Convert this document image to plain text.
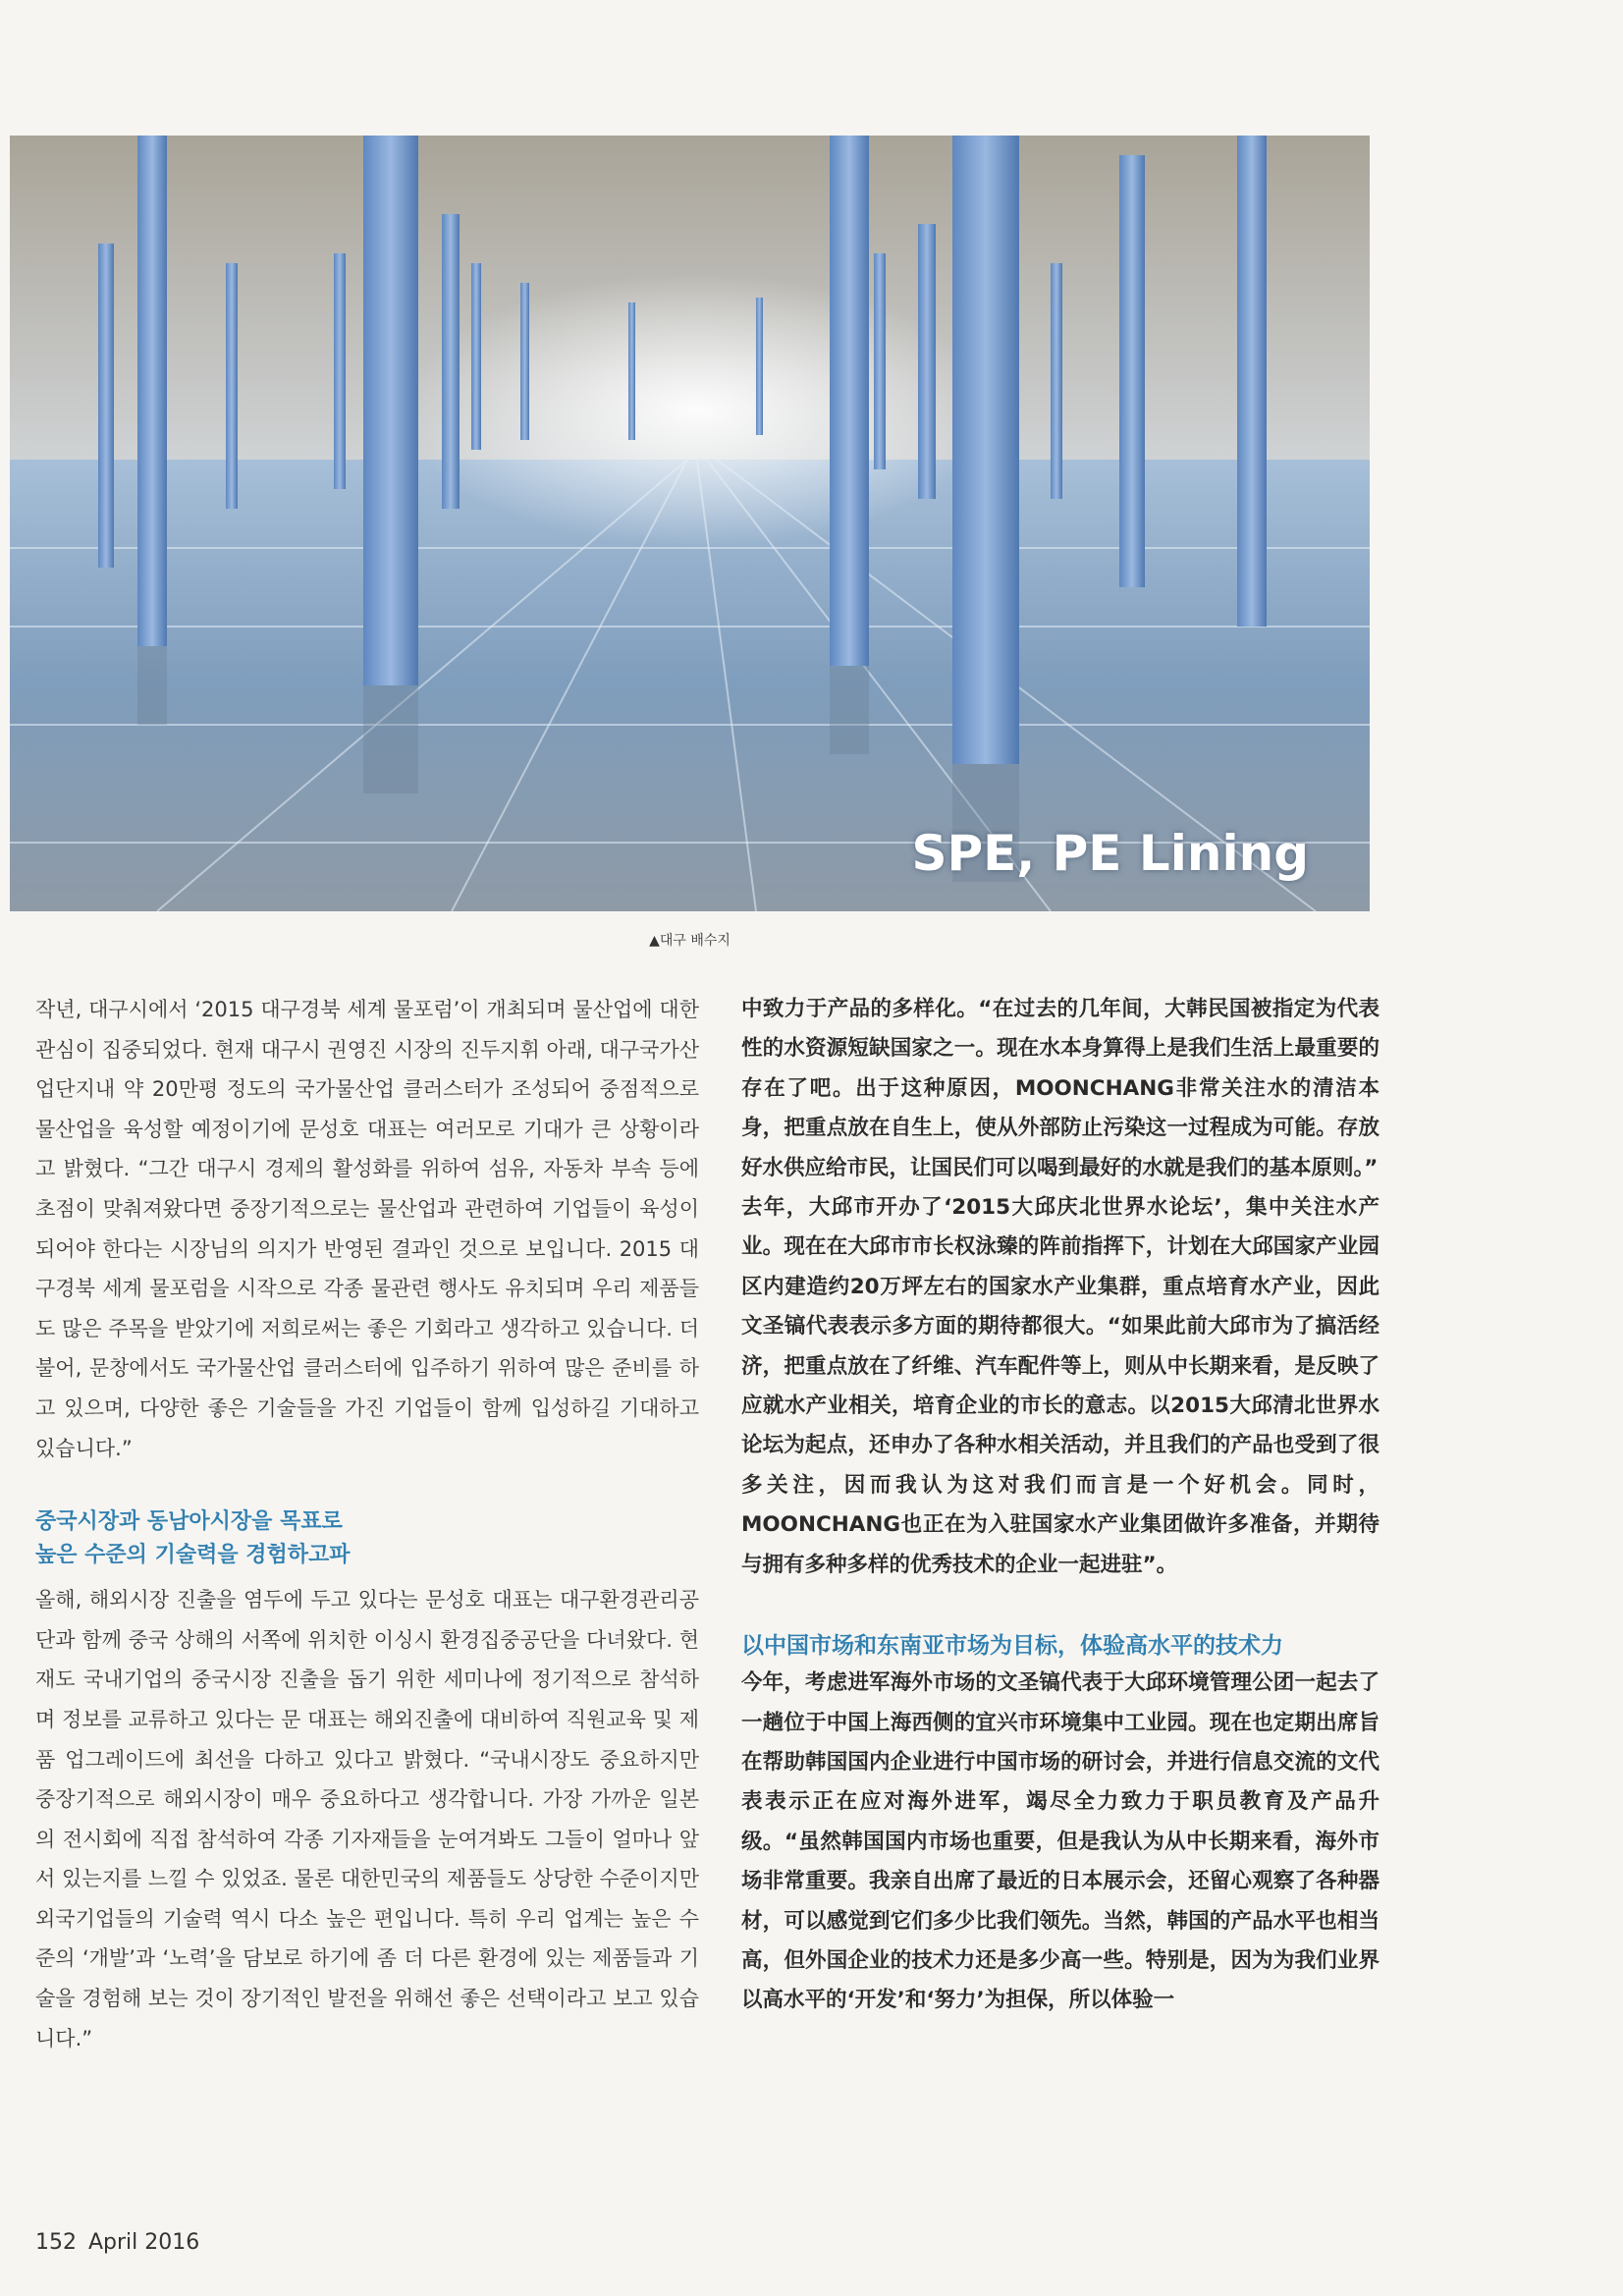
SPE, PE Lining
▲대구 배수지

작년, 대구시에서 ‘2015 대구경북 세계 물포럼’이 개최되며 물산업에 대한 관심이 집중되었다. 현재 대구시 권영진 시장의 진두지휘 아래, 대구국가산업단지내 약 20만평 정도의 국가물산업 클러스터가 조성되어 중점적으로 물산업을 육성할 예정이기에 문성호 대표는 여러모로 기대가 큰 상황이라고 밝혔다. “그간 대구시 경제의 활성화를 위하여 섬유, 자동차 부속 등에 초점이 맞춰져왔다면 중장기적으로는 물산업과 관련하여 기업들이 육성이 되어야 한다는 시장님의 의지가 반영된 결과인 것으로 보입니다. 2015 대구경북 세계 물포럼을 시작으로 각종 물관련 행사도 유치되며 우리 제품들도 많은 주목을 받았기에 저희로써는 좋은 기회라고 생각하고 있습니다. 더불어, 문창에서도 국가물산업 클러스터에 입주하기 위하여 많은 준비를 하고 있으며, 다양한 좋은 기술들을 가진 기업들이 함께 입성하길 기대하고 있습니다.”

중국시장과 동남아시장을 목표로
높은 수준의 기술력을 경험하고파

올해, 해외시장 진출을 염두에 두고 있다는 문성호 대표는 대구환경관리공단과 함께 중국 상해의 서쪽에 위치한 이싱시 환경집중공단을 다녀왔다. 현재도 국내기업의 중국시장 진출을 돕기 위한 세미나에 정기적으로 참석하며 정보를 교류하고 있다는 문 대표는 해외진출에 대비하여 직원교육 및 제품 업그레이드에 최선을 다하고 있다고 밝혔다. “국내시장도 중요하지만 중장기적으로 해외시장이 매우 중요하다고 생각합니다. 가장 가까운 일본의 전시회에 직접 참석하여 각종 기자재들을 눈여겨봐도 그들이 얼마나 앞서 있는지를 느낄 수 있었죠. 물론 대한민국의 제품들도 상당한 수준이지만 외국기업들의 기술력 역시 다소 높은 편입니다. 특히 우리 업계는 높은 수준의 ‘개발’과 ‘노력’을 담보로 하기에 좀 더 다른 환경에 있는 제품들과 기술을 경험해 보는 것이 장기적인 발전을 위해선 좋은 선택이라고 보고 있습니다.”

中致力于产品的多样化。“在过去的几年间，大韩民国被指定为代表性的水资源短缺国家之一。现在水本身算得上是我们生活上最重要的存在了吧。出于这种原因，MOONCHANG非常关注水的清洁本身，把重点放在自生上，使从外部防止污染这一过程成为可能。存放好水供应给市民，让国民们可以喝到最好的水就是我们的基本原则。”

去年，大邱市开办了‘2015大邱庆北世界水论坛’，集中关注水产业。现在在大邱市市长权泳臻的阵前指挥下，计划在大邱国家产业园区内建造约20万坪左右的国家水产业集群，重点培育水产业，因此文圣镐代表表示多方面的期待都很大。“如果此前大邱市为了搞活经济，把重点放在了纤维、汽车配件等上，则从中长期来看，是反映了应就水产业相关，培育企业的市长的意志。以2015大邱清北世界水论坛为起点，还申办了各种水相关活动，并且我们的产品也受到了很多关注，因而我认为这对我们而言是一个好机会。同时，MOONCHANG也正在为入驻国家水产业集团做许多准备，并期待与拥有多种多样的优秀技术的企业一起进驻”。

以中国市场和东南亚市场为目标，体验高水平的技术力

今年，考虑进军海外市场的文圣镐代表于大邱环境管理公团一起去了一趟位于中国上海西侧的宜兴市环境集中工业园。现在也定期出席旨在帮助韩国国内企业进行中国市场的研讨会，并进行信息交流的文代表表示正在应对海外进军，竭尽全力致力于职员教育及产品升级。“虽然韩国国内市场也重要，但是我认为从中长期来看，海外市场非常重要。我亲自出席了最近的日本展示会，还留心观察了各种器材，可以感觉到它们多少比我们领先。当然，韩国的产品水平也相当高，但外国企业的技术力还是多少高一些。特别是，因为为我们业界以高水平的‘开发’和‘努力’为担保，所以体验一

152 April 2016
